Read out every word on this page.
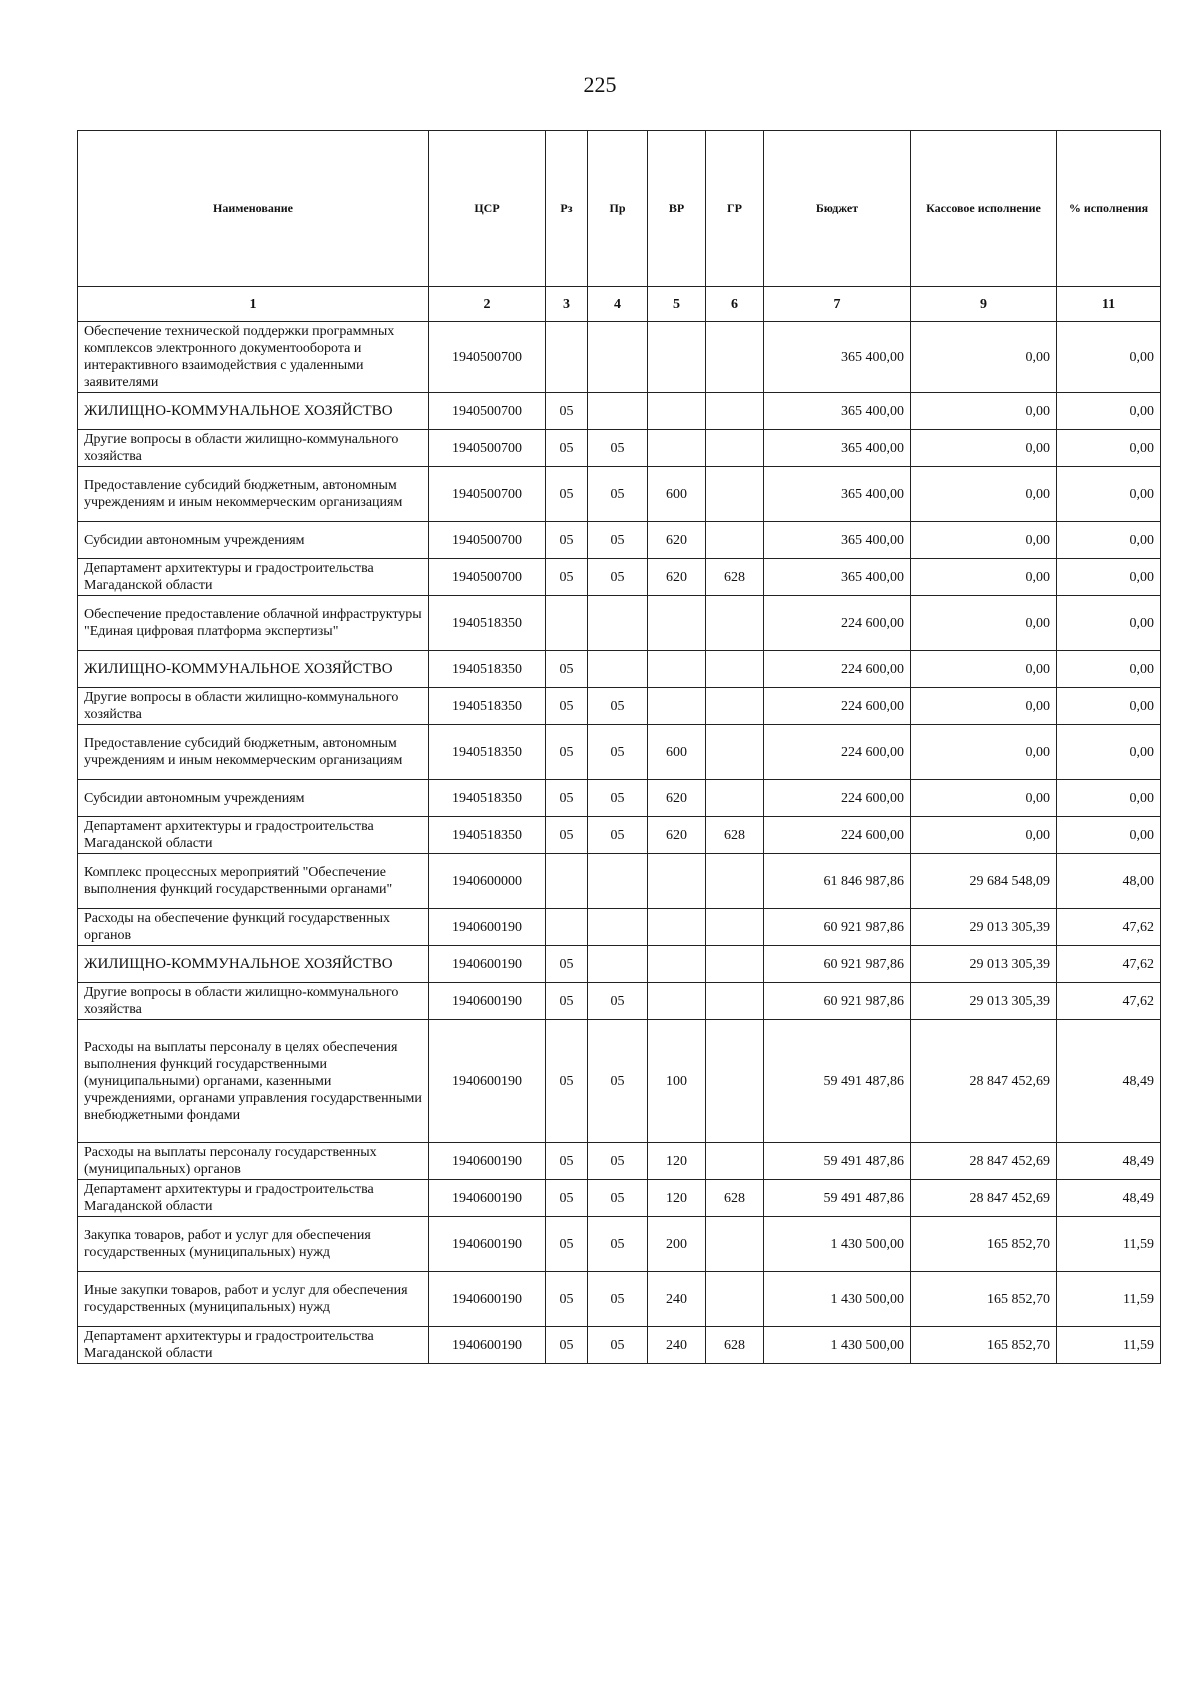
225
Наименование	ЦСР	Рз	Пр	ВР	ГР	Бюджет	Кассовое исполнение	% исполнения
1	2	3	4	5	6	7	9	11
Обеспечение технической поддержки программных комплексов электронного документооборота и интерактивного взаимодействия с удаленными заявителями	1940500700					365 400,00	0,00	0,00
ЖИЛИЩНО-КОММУНАЛЬНОЕ ХОЗЯЙСТВО	1940500700	05				365 400,00	0,00	0,00
Другие вопросы в области жилищно-коммунального хозяйства	1940500700	05	05			365 400,00	0,00	0,00
Предоставление субсидий бюджетным, автономным учреждениям и иным некоммерческим организациям	1940500700	05	05	600		365 400,00	0,00	0,00
Субсидии автономным учреждениям	1940500700	05	05	620		365 400,00	0,00	0,00
Департамент архитектуры и градостроительства Магаданской области	1940500700	05	05	620	628	365 400,00	0,00	0,00
Обеспечение предоставление облачной инфраструктуры "Единая цифровая платформа экспертизы"	1940518350					224 600,00	0,00	0,00
ЖИЛИЩНО-КОММУНАЛЬНОЕ ХОЗЯЙСТВО	1940518350	05				224 600,00	0,00	0,00
Другие вопросы в области жилищно-коммунального хозяйства	1940518350	05	05			224 600,00	0,00	0,00
Предоставление субсидий бюджетным, автономным учреждениям и иным некоммерческим организациям	1940518350	05	05	600		224 600,00	0,00	0,00
Субсидии автономным учреждениям	1940518350	05	05	620		224 600,00	0,00	0,00
Департамент архитектуры и градостроительства Магаданской области	1940518350	05	05	620	628	224 600,00	0,00	0,00
Комплекс процессных мероприятий "Обеспечение выполнения функций государственными органами"	1940600000					61 846 987,86	29 684 548,09	48,00
Расходы на обеспечение функций государственных органов	1940600190					60 921 987,86	29 013 305,39	47,62
ЖИЛИЩНО-КОММУНАЛЬНОЕ ХОЗЯЙСТВО	1940600190	05				60 921 987,86	29 013 305,39	47,62
Другие вопросы в области жилищно-коммунального хозяйства	1940600190	05	05			60 921 987,86	29 013 305,39	47,62
Расходы на выплаты персоналу в целях обеспечения выполнения функций государственными (муниципальными) органами, казенными учреждениями, органами управления государственными внебюджетными фондами	1940600190	05	05	100		59 491 487,86	28 847 452,69	48,49
Расходы на выплаты персоналу государственных (муниципальных) органов	1940600190	05	05	120		59 491 487,86	28 847 452,69	48,49
Департамент архитектуры и градостроительства Магаданской области	1940600190	05	05	120	628	59 491 487,86	28 847 452,69	48,49
Закупка товаров, работ и услуг для обеспечения государственных (муниципальных) нужд	1940600190	05	05	200		1 430 500,00	165 852,70	11,59
Иные закупки товаров, работ и услуг для обеспечения государственных (муниципальных) нужд	1940600190	05	05	240		1 430 500,00	165 852,70	11,59
Департамент архитектуры и градостроительства Магаданской области	1940600190	05	05	240	628	1 430 500,00	165 852,70	11,59
